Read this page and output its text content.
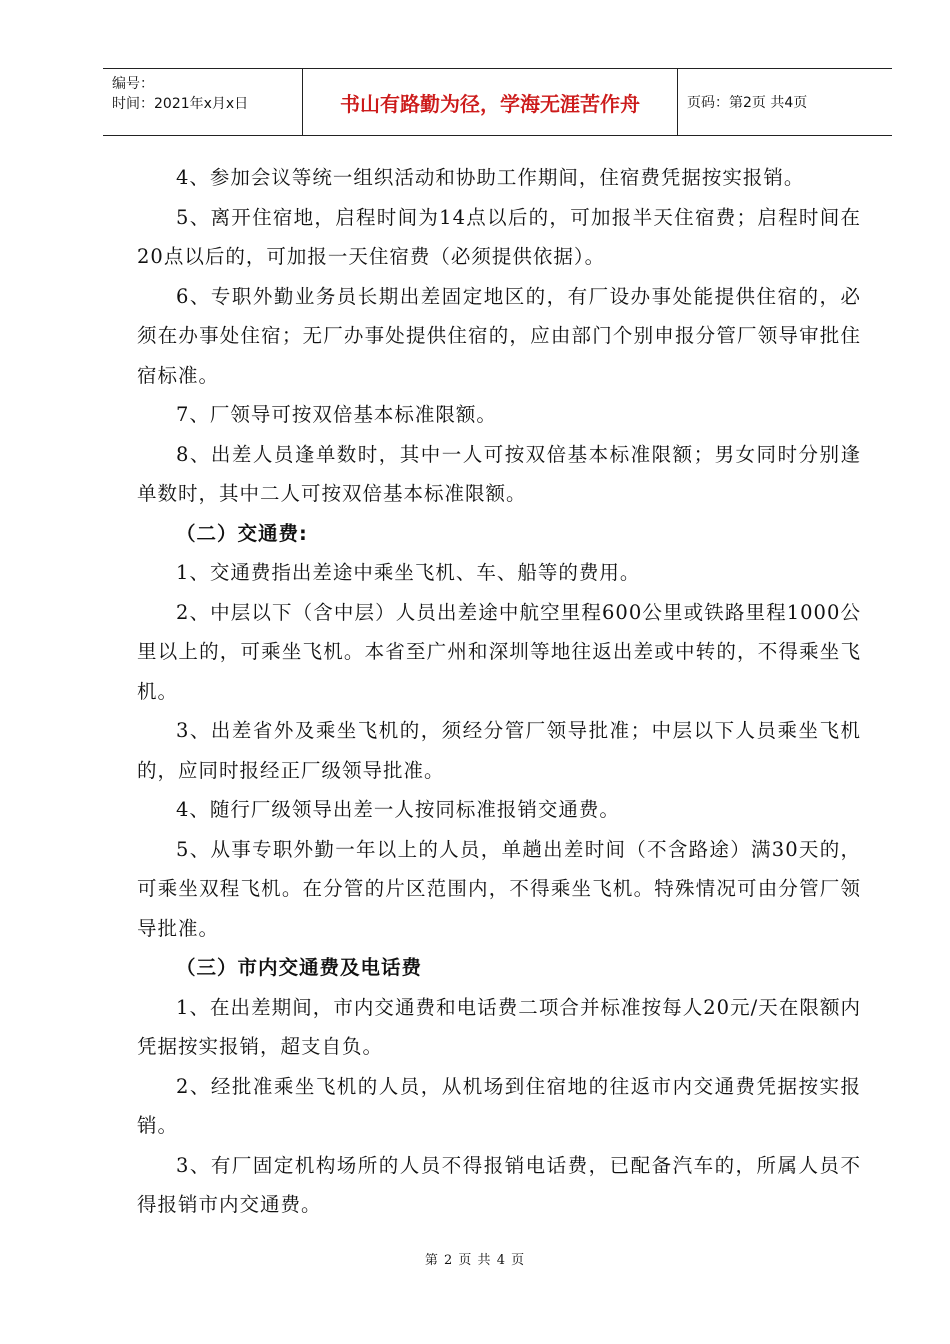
编号：
时间：2021年x月x日	书山有路勤为径，学海无涯苦作舟	页码：第2页 共4页

4、参加会议等统一组织活动和协助工作期间，住宿费凭据按实报销。

5、离开住宿地，启程时间为14点以后的，可加报半天住宿费；启程时间在20点以后的，可加报一天住宿费（必须提供依据）。

6、专职外勤业务员长期出差固定地区的，有厂设办事处能提供住宿的，必须在办事处住宿；无厂办事处提供住宿的，应由部门个别申报分管厂领导审批住宿标准。

7、厂领导可按双倍基本标准限额。

8、出差人员逢单数时，其中一人可按双倍基本标准限额；男女同时分别逢单数时，其中二人可按双倍基本标准限额。

（二）交通费:

1、交通费指出差途中乘坐飞机、车、船等的费用。

2、中层以下（含中层）人员出差途中航空里程600公里或铁路里程1000公里以上的，可乘坐飞机。本省至广州和深圳等地往返出差或中转的，不得乘坐飞机。

3、出差省外及乘坐飞机的，须经分管厂领导批准；中层以下人员乘坐飞机的，应同时报经正厂级领导批准。

4、随行厂级领导出差一人按同标准报销交通费。

5、从事专职外勤一年以上的人员，单趟出差时间（不含路途）满30天的，可乘坐双程飞机。在分管的片区范围内，不得乘坐飞机。特殊情况可由分管厂领导批准。

（三）市内交通费及电话费

1、在出差期间，市内交通费和电话费二项合并标准按每人20元/天在限额内凭据按实报销，超支自负。

2、经批准乘坐飞机的人员，从机场到住宿地的往返市内交通费凭据按实报销。

3、有厂固定机构场所的人员不得报销电话费，已配备汽车的，所属人员不得报销市内交通费。

第 2 页 共 4 页
